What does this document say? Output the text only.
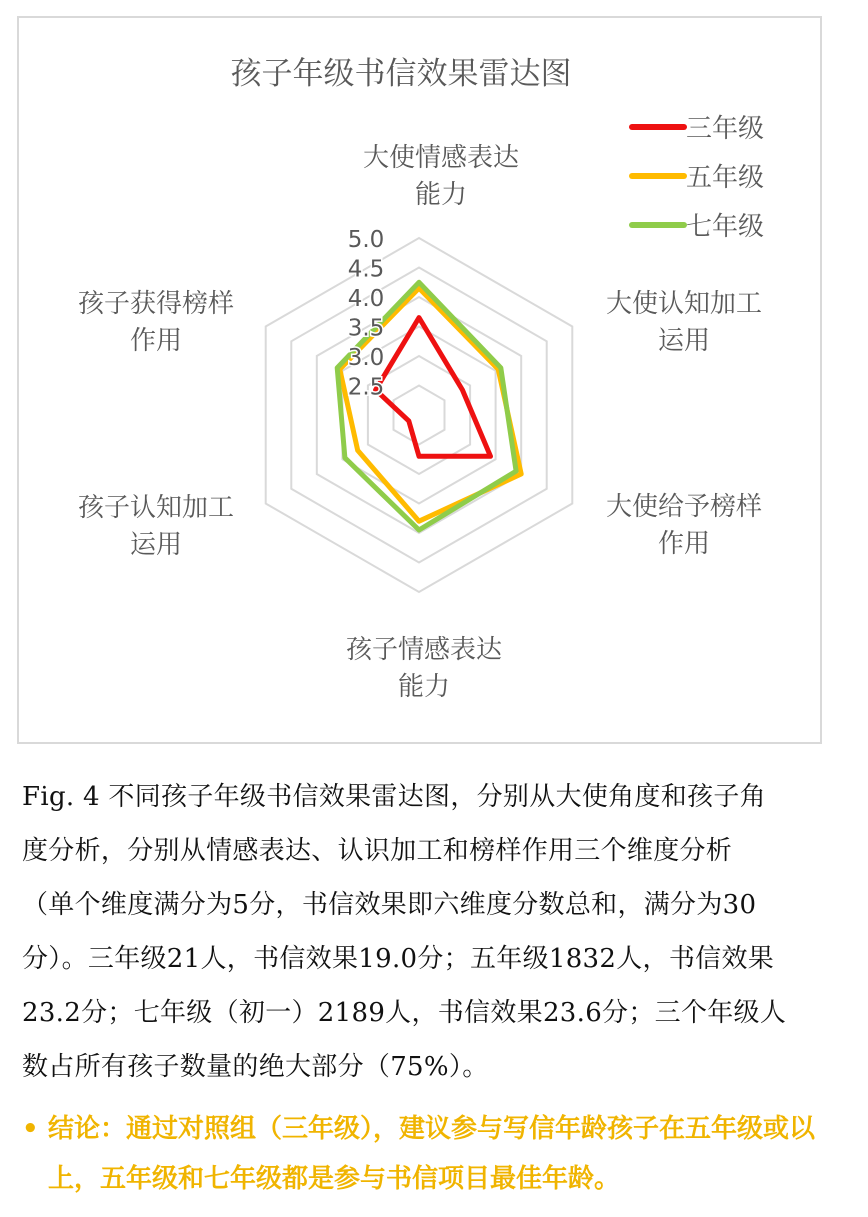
孩子年级书信效果雷达图
2.5
3.0
3.5
4.0
4.5
5.0
大使情感表达
能力
大使认知加工
运用
大使给予榜样
作用
孩子情感表达
能力
孩子认知加工
运用
孩子获得榜样
作用
三年级
五年级
七年级
Fig. 4 不同孩子年级书信效果雷达图，分别从大使角度和孩子角
度分析，分别从情感表达、认识加工和榜样作用三个维度分析
（单个维度满分为5分，书信效果即六维度分数总和，满分为30
分）。三年级21人，书信效果19.0分；五年级1832人，书信效果
23.2分；七年级（初一）2189人，书信效果23.6分；三个年级人
数占所有孩子数量的绝大部分（75%）。
• 结论：通过对照组（三年级），建议参与写信年龄孩子在五年级或以上，五年级和七年级都是参与书信项目最佳年龄。
